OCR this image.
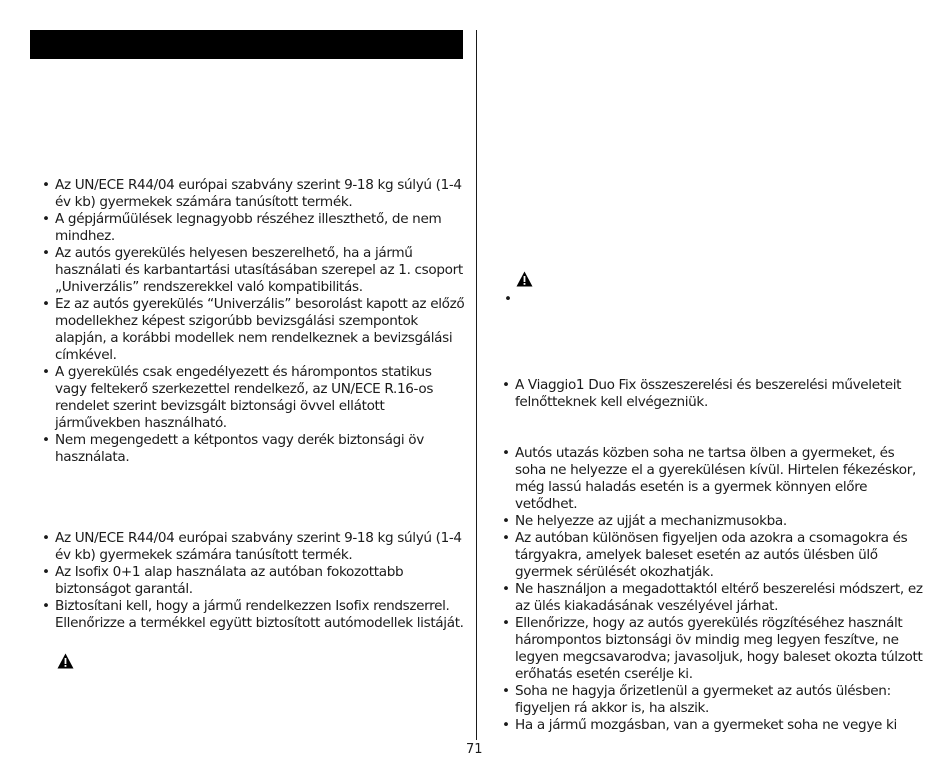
• Az UN/ECE R44/04 európai szabvány szerint 9-18 kg súlyú (1-4 év kb) gyermekek számára tanúsított termék.
• A gépjárműülések legnagyobb részéhez illeszthető, de nem mindhez.
• Az autós gyerekülés helyesen beszerelhető, ha a jármű használati és karbantartási utasításában szerepel az 1. csoport „Univerzális” rendszerekkel való kompatibilitás.
• Ez az autós gyerekülés “Univerzális” besorolást kapott az előző modellekhez képest szigorúbb bevizsgálási szempontok alapján, a korábbi modellek nem rendelkeznek a bevizsgálási címkével.
• A gyerekülés csak engedélyezett és hárompontos statikus vagy feltekerő szerkezettel rendelkező, az UN/ECE R.16-os rendelet szerint bevizsgált biztonsági övvel ellátott járművekben használható.
• Nem megengedett a kétpontos vagy derék biztonsági öv használata.
• Az UN/ECE R44/04 európai szabvány szerint 9-18 kg súlyú (1-4 év kb) gyermekek számára tanúsított termék.
• Az Isofix 0+1 alap használata az autóban fokozottabb biztonságot garantál.
• Biztosítani kell, hogy a jármű rendelkezzen Isofix rendszerrel. Ellenőrizze a termékkel együtt biztosított autómodellek listáját.
•
• A Viaggio1 Duo Fix összeszerelési és beszerelési műveleteit felnőtteknek kell elvégezniük.
• Autós utazás közben soha ne tartsa ölben a gyermeket, és soha ne helyezze el a gyerekülésen kívül. Hirtelen fékezéskor, még lassú haladás esetén is a gyermek könnyen előre vetődhet.
• Ne helyezze az ujját a mechanizmusokba.
• Az autóban különösen figyeljen oda azokra a csomagokra és tárgyakra, amelyek baleset esetén az autós ülésben ülő gyermek sérülését okozhatják.
• Ne használjon a megadottaktól eltérő beszerelési módszert, ez az ülés kiakadásának veszélyével járhat.
• Ellenőrizze, hogy az autós gyerekülés rögzítéséhez használt hárompontos biztonsági öv mindig meg legyen feszítve, ne legyen megcsavarodva; javasoljuk, hogy baleset okozta túlzott erőhatás esetén cserélje ki.
• Soha ne hagyja őrizetlenül a gyermeket az autós ülésben: figyeljen rá akkor is, ha alszik.
• Ha a jármű mozgásban, van a gyermeket soha ne vegye ki
71
